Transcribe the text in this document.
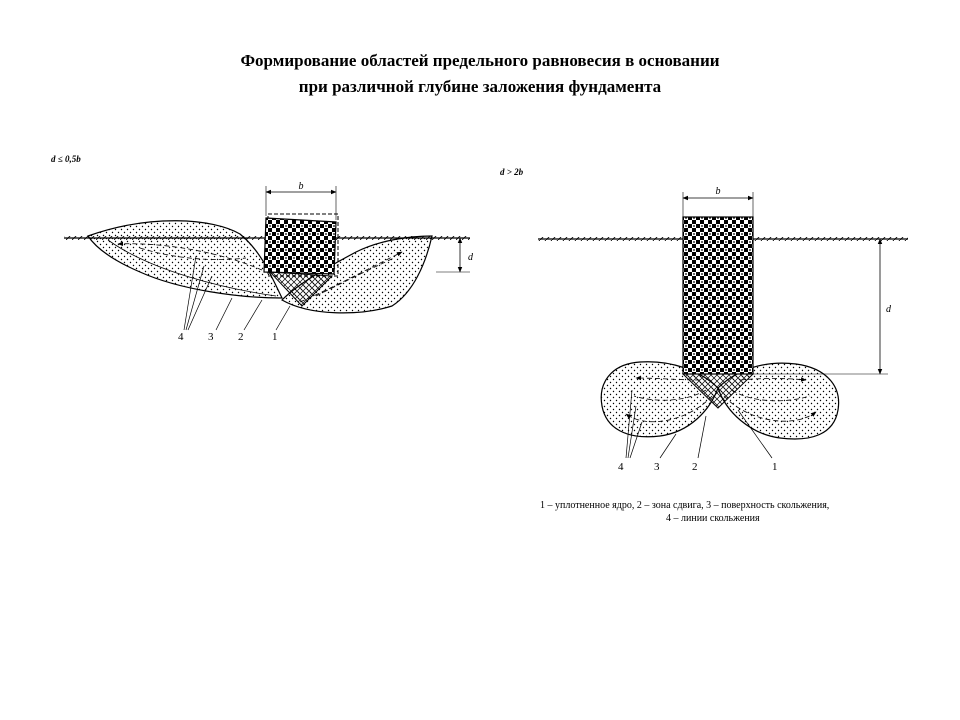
Формирование областей предельного равновесия в основании
при различной глубине заложения фундамента
d ≤ 0,5b
b
d
4 3 2	1
d > 2b
b
d
4	3	2	1
1 – уплотненное ядро, 2 – зона сдвига, 3 – поверхность скольжения,
4 – линии скольжения
